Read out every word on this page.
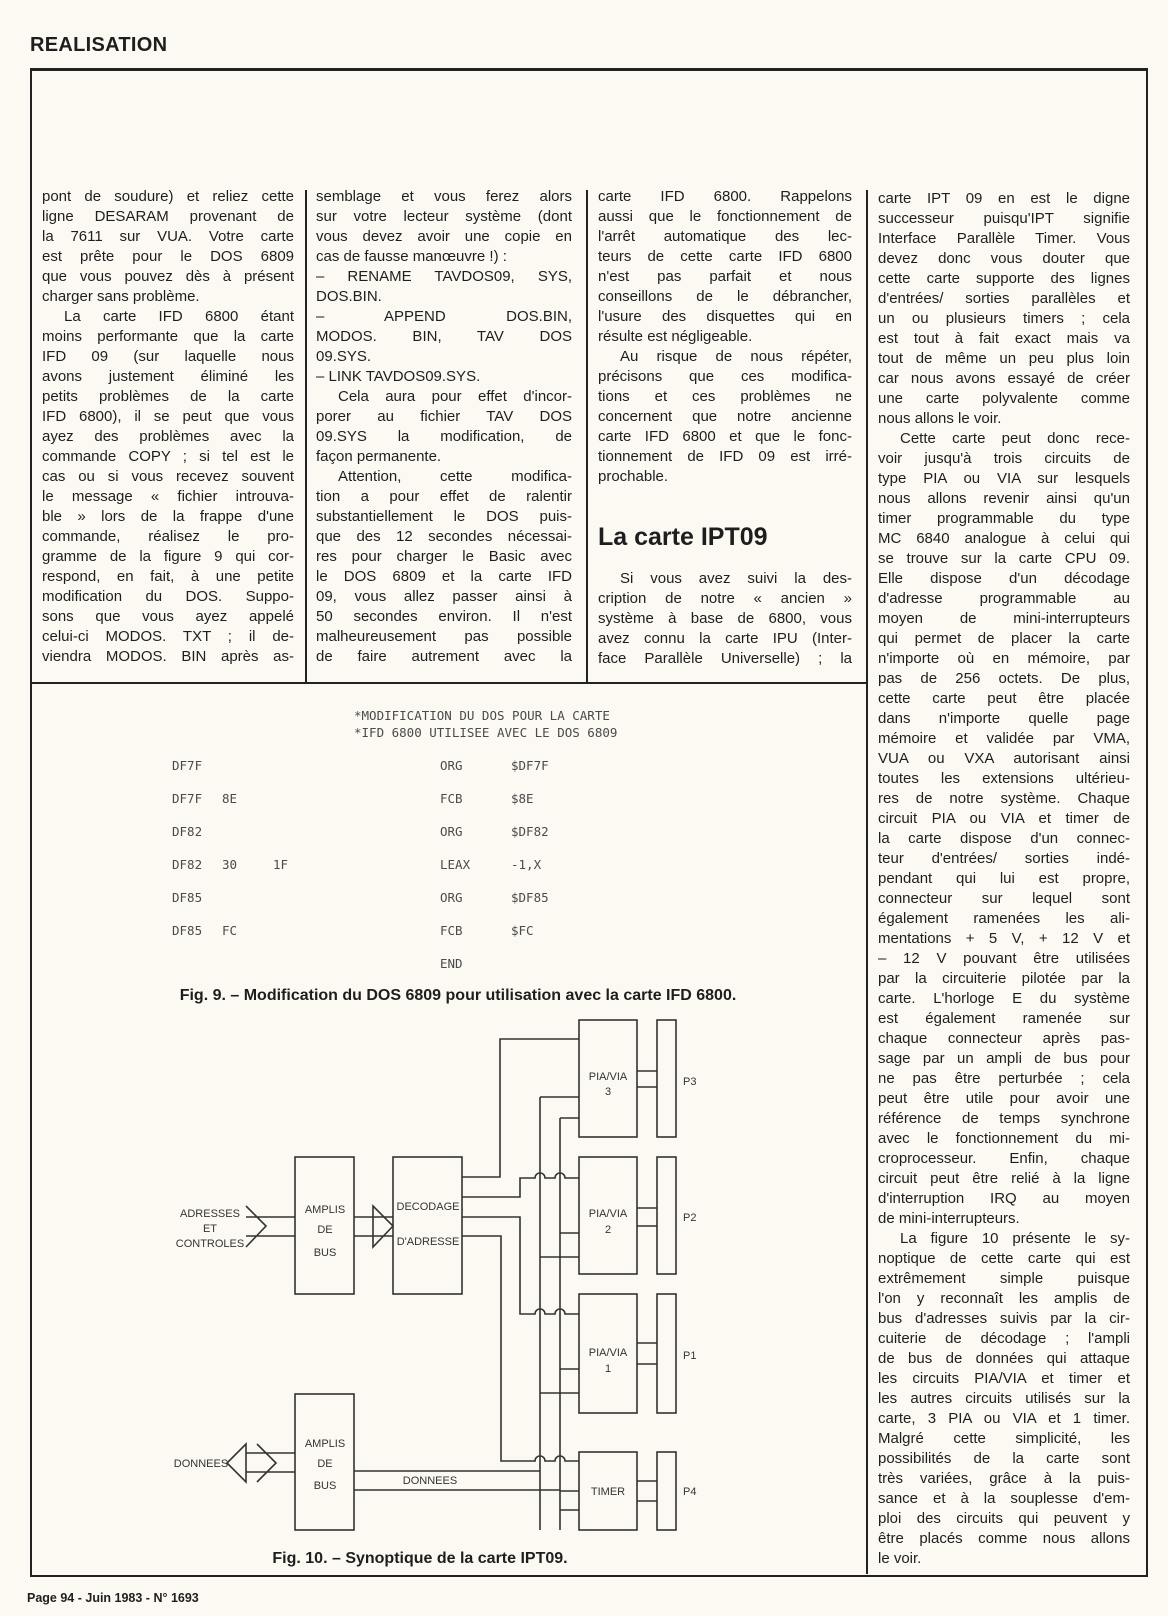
REALISATION
pont de soudure) et reliez cette
ligne DESARAM provenant de
la 7611 sur VUA. Votre carte
est prête pour le DOS 6809
que vous pouvez dès à présent
charger sans problème.
La carte IFD 6800 étant
moins performante que la carte
IFD 09 (sur laquelle nous
avons justement éliminé les
petits problèmes de la carte
IFD 6800), il se peut que vous
ayez des problèmes avec la
commande COPY ; si tel est le
cas ou si vous recevez souvent
le message « fichier introuva-
ble » lors de la frappe d'une
commande, réalisez le pro-
gramme de la figure 9 qui cor-
respond, en fait, à une petite
modification du DOS. Suppo-
sons que vous ayez appelé
celui-ci MODOS. TXT ; il de-
viendra MODOS. BIN après as-
semblage et vous ferez alors
sur votre lecteur système (dont
vous devez avoir une copie en
cas de fausse manœuvre !) :
– RENAME TAVDOS09, SYS,
DOS.BIN.
– APPEND DOS.BIN,
MODOS. BIN, TAV DOS
09.SYS.
– LINK TAVDOS09.SYS.
Cela aura pour effet d'incor-
porer au fichier TAV DOS
09.SYS la modification, de
façon permanente.
Attention, cette modifica-
tion a pour effet de ralentir
substantiellement le DOS puis-
que des 12 secondes nécessai-
res pour charger le Basic avec
le DOS 6809 et la carte IFD
09, vous allez passer ainsi à
50 secondes environ. Il n'est
malheureusement pas possible
de faire autrement avec la
carte IFD 6800. Rappelons
aussi que le fonctionnement de
l'arrêt automatique des lec-
teurs de cette carte IFD 6800
n'est pas parfait et nous
conseillons de le débrancher,
l'usure des disquettes qui en
résulte est négligeable.
Au risque de nous répéter,
précisons que ces modifica-
tions et ces problèmes ne
concernent que notre ancienne
carte IFD 6800 et que le fonc-
tionnement de IFD 09 est irré-
prochable.
La carte IPT09
Si vous avez suivi la des-
cription de notre « ancien »
système à base de 6800, vous
avez connu la carte IPU (Inter-
face Parallèle Universelle) ; la
carte IPT 09 en est le digne
successeur puisqu'IPT signifie
Interface Parallèle Timer. Vous
devez donc vous douter que
cette carte supporte des lignes
d'entrées/ sorties parallèles et
un ou plusieurs timers ; cela
est tout à fait exact mais va
tout de même un peu plus loin
car nous avons essayé de créer
une carte polyvalente comme
nous allons le voir.
Cette carte peut donc rece-
voir jusqu'à trois circuits de
type PIA ou VIA sur lesquels
nous allons revenir ainsi qu'un
timer programmable du type
MC 6840 analogue à celui qui
se trouve sur la carte CPU 09.
Elle dispose d'un décodage
d'adresse programmable au
moyen de mini-interrupteurs
qui permet de placer la carte
n'importe où en mémoire, par
pas de 256 octets. De plus,
cette carte peut être placée
dans n'importe quelle page
mémoire et validée par VMA,
VUA ou VXA autorisant ainsi
toutes les extensions ultérieu-
res de notre système. Chaque
circuit PIA ou VIA et timer de
la carte dispose d'un connec-
teur d'entrées/ sorties indé-
pendant qui lui est propre,
connecteur sur lequel sont
également ramenées les ali-
mentations + 5 V, + 12 V et
– 12 V pouvant être utilisées
par la circuiterie pilotée par la
carte. L'horloge E du système
est également ramenée sur
chaque connecteur après pas-
sage par un ampli de bus pour
ne pas être perturbée ; cela
peut être utile pour avoir une
référence de temps synchrone
avec le fonctionnement du mi-
croprocesseur. Enfin, chaque
circuit peut être relié à la ligne
d'interruption IRQ au moyen
de mini-interrupteurs.
La figure 10 présente le sy-
noptique de cette carte qui est
extrêmement simple puisque
l'on y reconnaît les amplis de
bus d'adresses suivis par la cir-
cuiterie de décodage ; l'ampli
de bus de données qui attaque
les circuits PIA/VIA et timer et
les autres circuits utilisés sur la
carte, 3 PIA ou VIA et 1 timer.
Malgré cette simplicité, les
possibilités de la carte sont
très variées, grâce à la puis-
sance et à la souplesse d'em-
ploi des circuits qui peuvent y
être placés comme nous allons
le voir.
*MODIFICATION DU DOS POUR LA CARTE
*IFD 6800 UTILISEE AVEC LE DOS 6809
DF7F	ORG	$DF7F
DF7F 8E	FCB	$8E
DF82	ORG	$DF82
DF82 30	1F	LEAX	-1,X
DF85	ORG	$DF85
DF85 FC	FCB	$FC
END
Fig. 9. – Modification du DOS 6809 pour utilisation avec la carte IFD 6800.
ADRESSES
ET
CONTROLES
AMPLIS
DE
BUS
DECODAGE
D'ADRESSE
DONNEES
AMPLIS
DE
BUS	DONNEES
PIA/VIA
3
PIA/VIA
2
PIA/VIA
1
TIMER
P3
P2
P1
P4
Fig. 10. – Synoptique de la carte IPT09.
Page 94 - Juin 1983 - N° 1693
